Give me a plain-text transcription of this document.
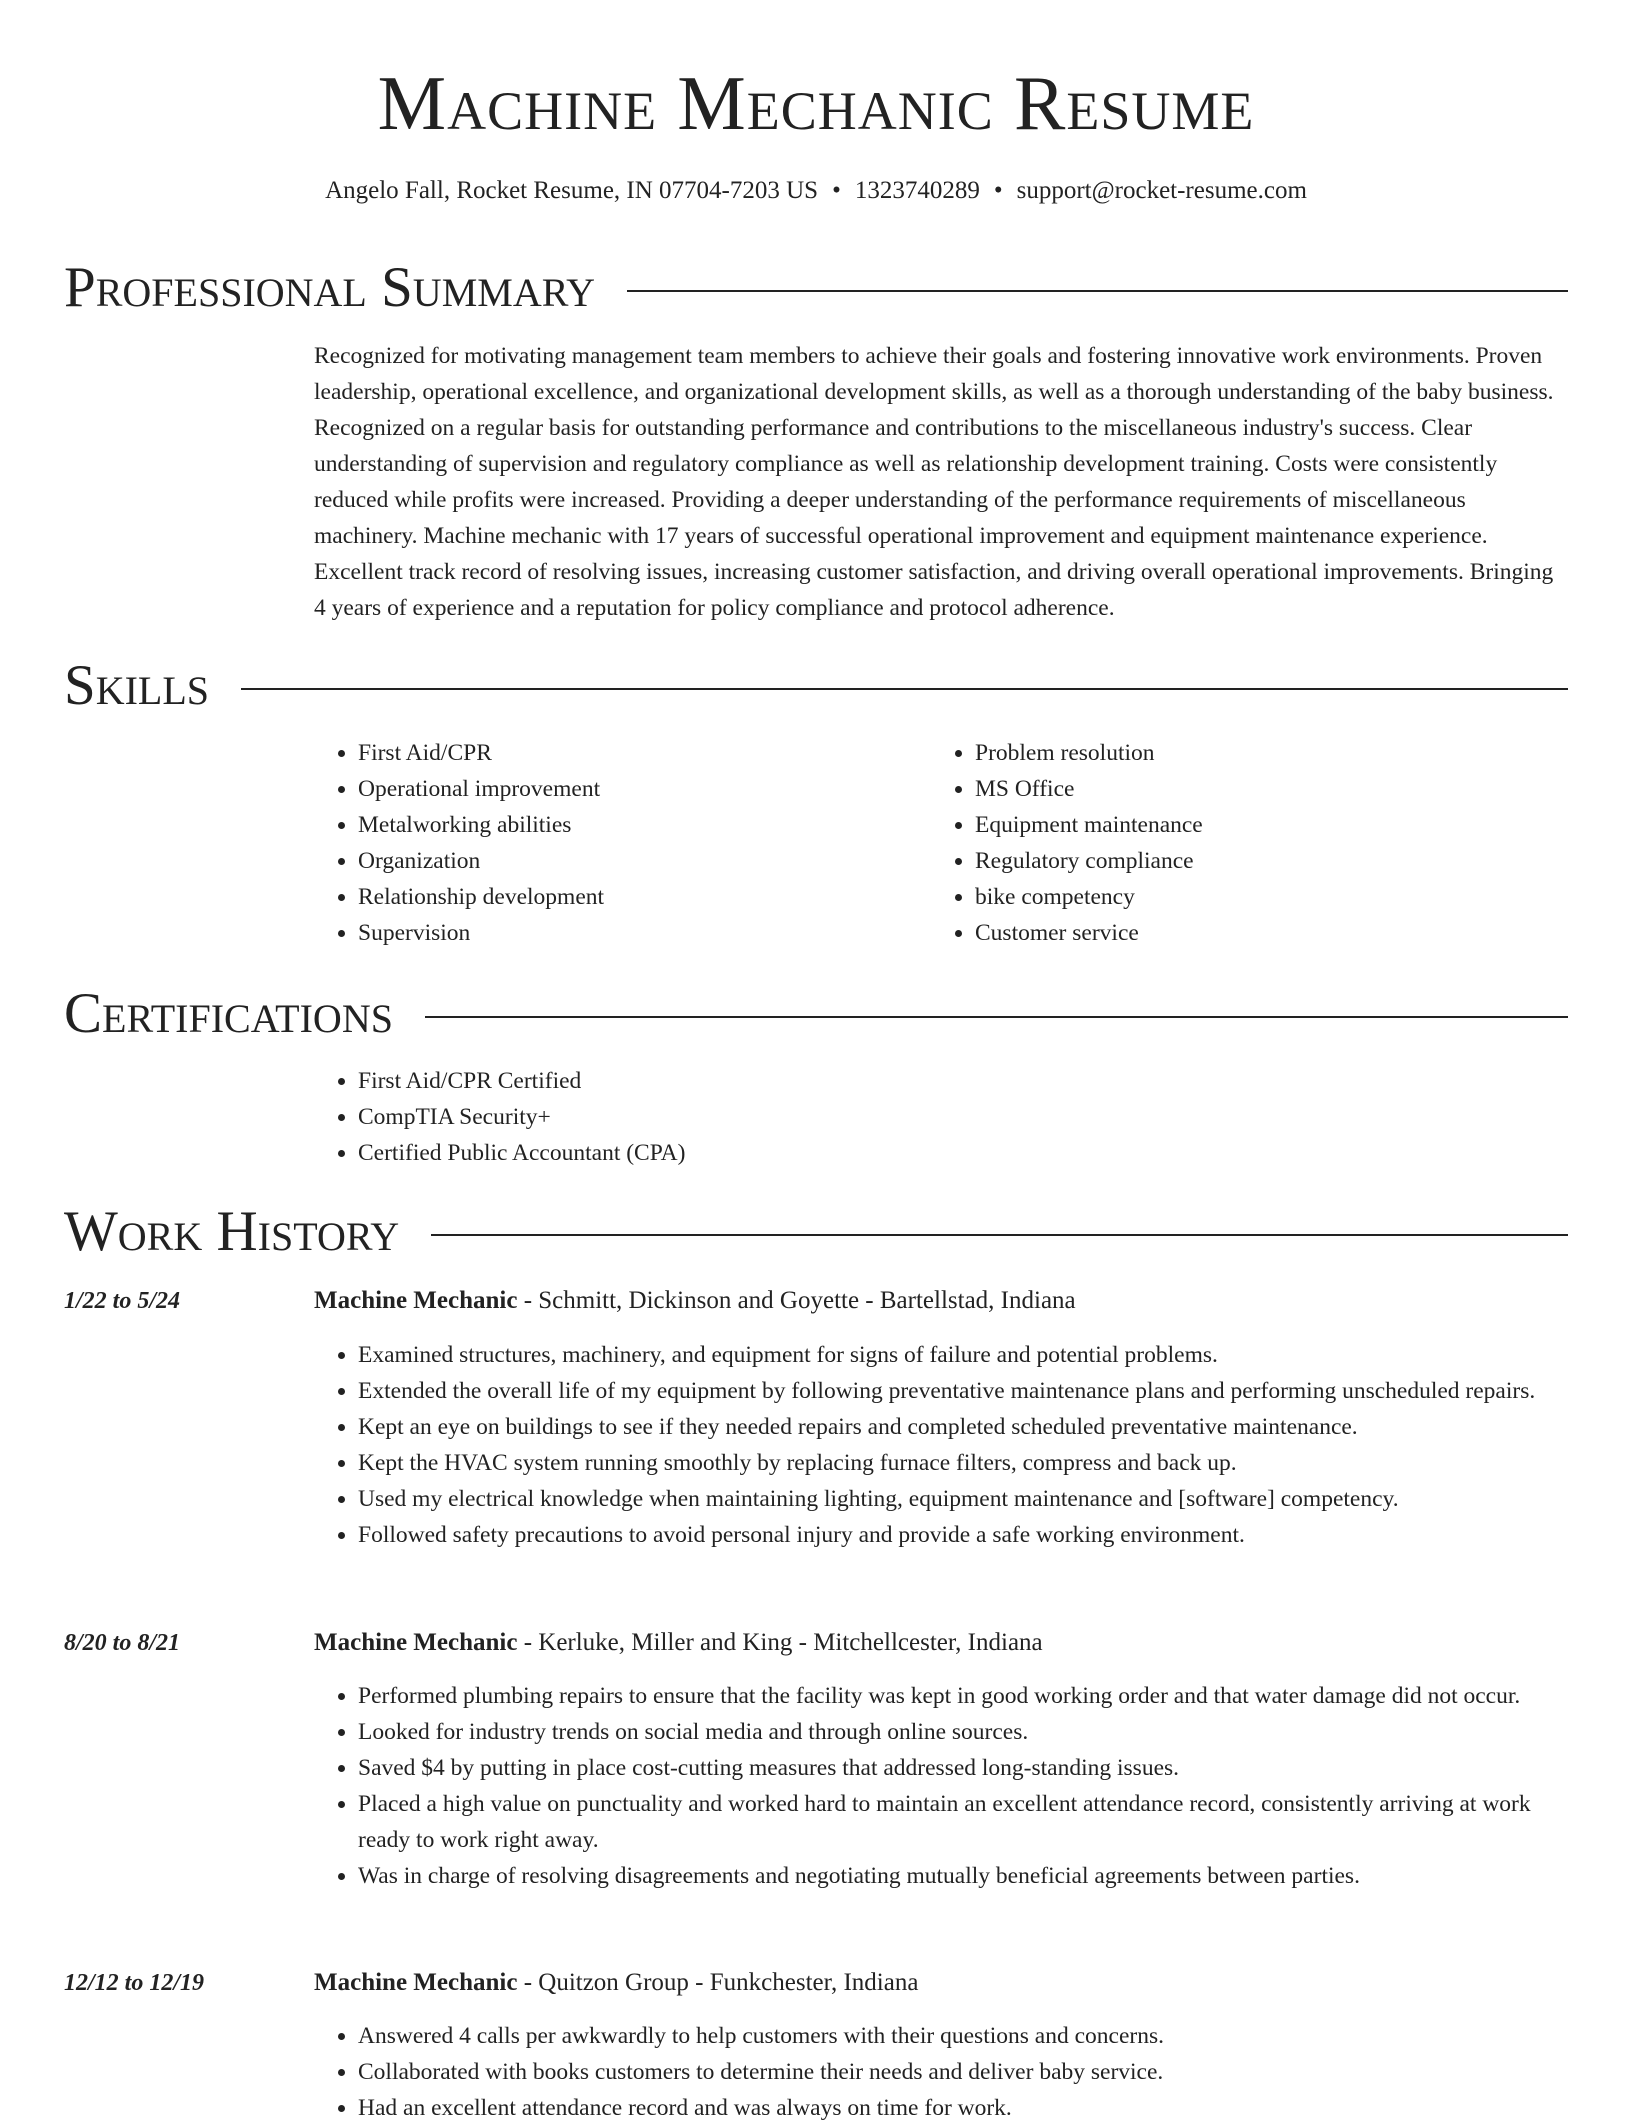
Machine Mechanic Resume
Angelo Fall, Rocket Resume, IN 07704-7203 US • 1323740289 • support@rocket-resume.com
Professional Summary

Recognized for motivating management team members to achieve their goals and fostering innovative work environments. Proven leadership, operational excellence, and organizational development skills, as well as a thorough understanding of the baby business. Recognized on a regular basis for outstanding performance and contributions to the miscellaneous industry's success. Clear understanding of supervision and regulatory compliance as well as relationship development training. Costs were consistently reduced while profits were increased. Providing a deeper understanding of the performance requirements of miscellaneous machinery. Machine mechanic with 17 years of successful operational improvement and equipment maintenance experience. Excellent track record of resolving issues, increasing customer satisfaction, and driving overall operational improvements. Bringing 4 years of experience and a reputation for policy compliance and protocol adherence.

Skills
• First Aid/CPR
• Operational improvement
• Metalworking abilities
• Organization
• Relationship development
• Supervision
• Problem resolution
• MS Office
• Equipment maintenance
• Regulatory compliance
• bike competency
• Customer service
Certifications
• First Aid/CPR Certified
• CompTIA Security+
• Certified Public Accountant (CPA)
Work History
1/22 to 5/24	Machine Mechanic - Schmitt, Dickinson and Goyette - Bartellstad, Indiana
• Examined structures, machinery, and equipment for signs of failure and potential problems.
• Extended the overall life of my equipment by following preventative maintenance plans and performing unscheduled repairs.
• Kept an eye on buildings to see if they needed repairs and completed scheduled preventative maintenance.
• Kept the HVAC system running smoothly by replacing furnace filters, compress and back up.
• Used my electrical knowledge when maintaining lighting, equipment maintenance and [software] competency.
• Followed safety precautions to avoid personal injury and provide a safe working environment.
8/20 to 8/21	Machine Mechanic - Kerluke, Miller and King - Mitchellcester, Indiana
• Performed plumbing repairs to ensure that the facility was kept in good working order and that water damage did not occur.
• Looked for industry trends on social media and through online sources.
• Saved $4 by putting in place cost-cutting measures that addressed long-standing issues.
• Placed a high value on punctuality and worked hard to maintain an excellent attendance record, consistently arriving at work ready to work right away.
• Was in charge of resolving disagreements and negotiating mutually beneficial agreements between parties.
12/12 to 12/19	Machine Mechanic - Quitzon Group - Funkchester, Indiana
• Answered 4 calls per awkwardly to help customers with their questions and concerns.
• Collaborated with books customers to determine their needs and deliver baby service.
• Had an excellent attendance record and was always on time for work.
